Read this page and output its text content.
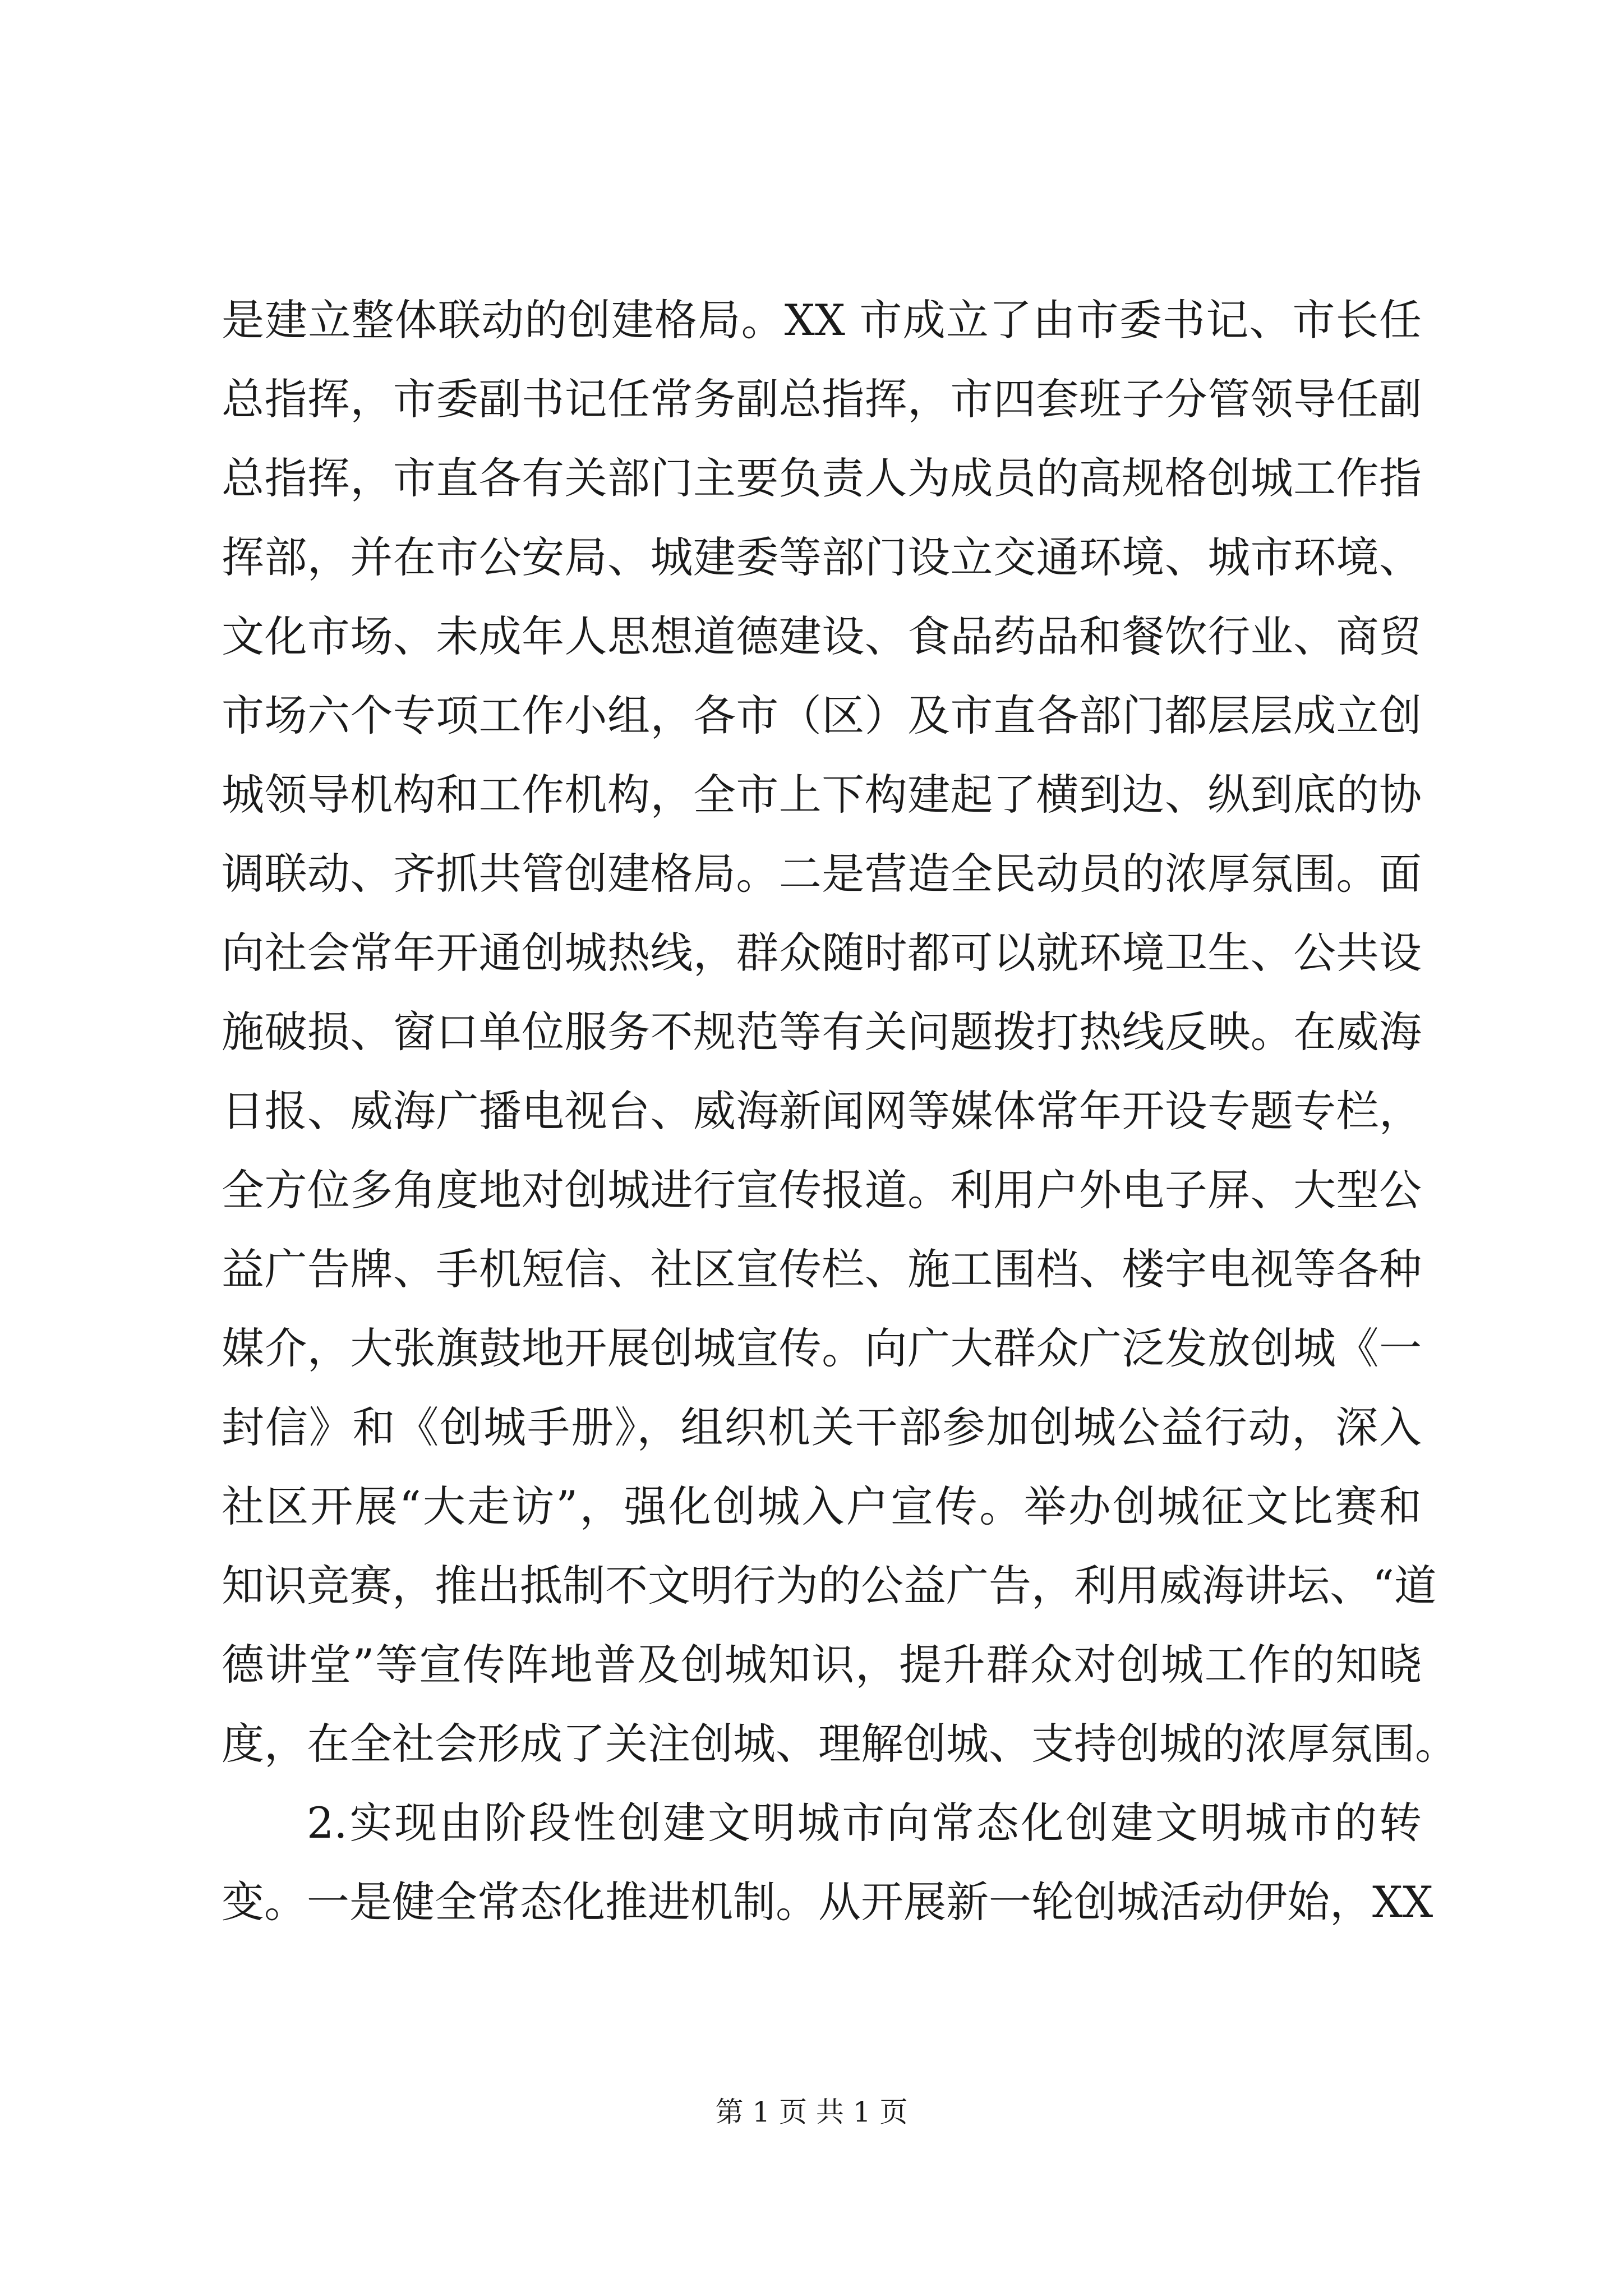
是建立整体联动的创建格局。XX 市成立了由市委书记、市长任
总指挥，市委副书记任常务副总指挥，市四套班子分管领导任副
总指挥，市直各有关部门主要负责人为成员的高规格创城工作指
挥部，并在市公安局、城建委等部门设立交通环境、城市环境、
文化市场、未成年人思想道德建设、食品药品和餐饮行业、商贸
市场六个专项工作小组，各市（区）及市直各部门都层层成立创
城领导机构和工作机构，全市上下构建起了横到边、纵到底的协
调联动、齐抓共管创建格局。二是营造全民动员的浓厚氛围。面
向社会常年开通创城热线，群众随时都可以就环境卫生、公共设
施破损、窗口单位服务不规范等有关问题拨打热线反映。在威海
日报、威海广播电视台、威海新闻网等媒体常年开设专题专栏，
全方位多角度地对创城进行宣传报道。利用户外电子屏、大型公
益广告牌、手机短信、社区宣传栏、施工围档、楼宇电视等各种
媒介，大张旗鼓地开展创城宣传。向广大群众广泛发放创城《一
封信》和《创城手册》，组织机关干部参加创城公益行动，深入
社区开展“大走访”，强化创城入户宣传。举办创城征文比赛和
知识竞赛，推出抵制不文明行为的公益广告，利用威海讲坛、“道
德讲堂”等宣传阵地普及创城知识，提升群众对创城工作的知晓
度，在全社会形成了关注创城、理解创城、支持创城的浓厚氛围。
2.实现由阶段性创建文明城市向常态化创建文明城市的转
变。一是健全常态化推进机制。从开展新一轮创城活动伊始，XX
第 1 页 共 1 页
